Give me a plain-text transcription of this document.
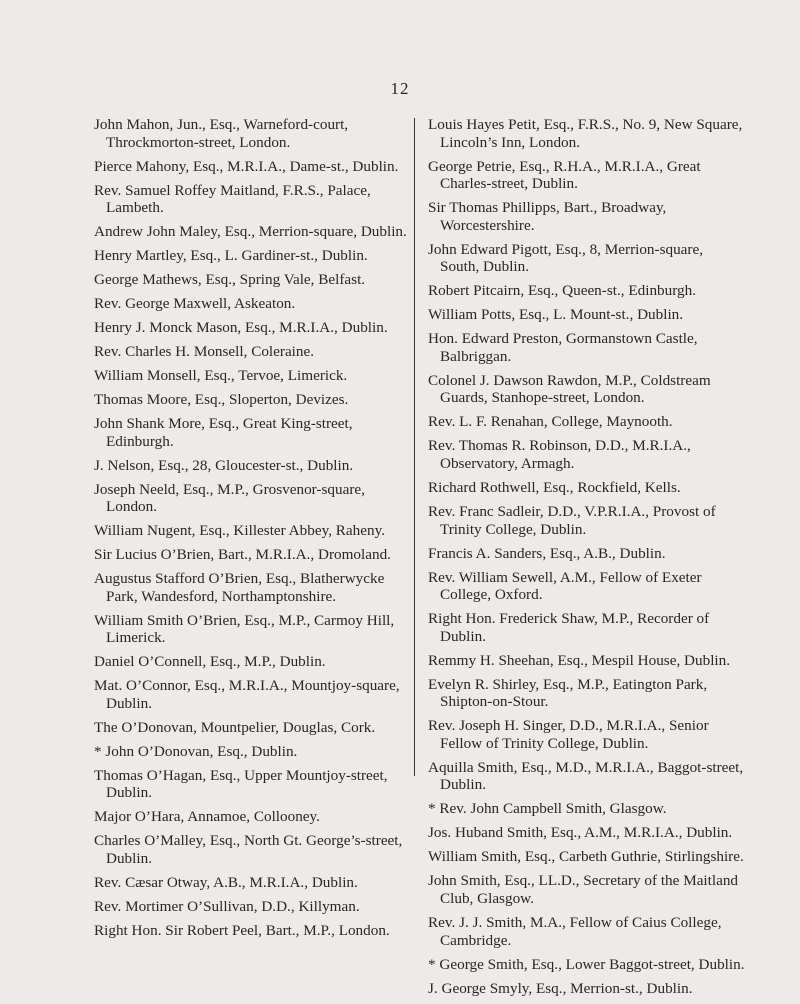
12

John Mahon, Jun., Esq., Warneford-court, Throckmorton-street, London.

Pierce Mahony, Esq., M.R.I.A., Dame-st., Dublin.

Rev. Samuel Roffey Maitland, F.R.S., Palace, Lambeth.

Andrew John Maley, Esq., Merrion-square, Dublin.

Henry Martley, Esq., L. Gardiner-st., Dublin.

George Mathews, Esq., Spring Vale, Belfast.

Rev. George Maxwell, Askeaton.

Henry J. Monck Mason, Esq., M.R.I.A., Dublin.

Rev. Charles H. Monsell, Coleraine.

William Monsell, Esq., Tervoe, Limerick.

Thomas Moore, Esq., Sloperton, Devizes.

John Shank More, Esq., Great King-street, Edinburgh.

J. Nelson, Esq., 28, Gloucester-st., Dublin.

Joseph Neeld, Esq., M.P., Grosvenor-square, London.

William Nugent, Esq., Killester Abbey, Raheny.

Sir Lucius O’Brien, Bart., M.R.I.A., Dromoland.

Augustus Stafford O’Brien, Esq., Blatherwycke Park, Wandesford, Northamptonshire.

William Smith O’Brien, Esq., M.P., Carmoy Hill, Limerick.

Daniel O’Connell, Esq., M.P., Dublin.

Mat. O’Connor, Esq., M.R.I.A., Mountjoy-square, Dublin.

The O’Donovan, Mountpelier, Douglas, Cork.

* John O’Donovan, Esq., Dublin.

Thomas O’Hagan, Esq., Upper Mountjoy-street, Dublin.

Major O’Hara, Annamoe, Collooney.

Charles O’Malley, Esq., North Gt. George’s-street, Dublin.

Rev. Cæsar Otway, A.B., M.R.I.A., Dublin.

Rev. Mortimer O’Sullivan, D.D., Killyman.

Right Hon. Sir Robert Peel, Bart., M.P., London.

Louis Hayes Petit, Esq., F.R.S., No. 9, New Square, Lincoln’s Inn, London.

George Petrie, Esq., R.H.A., M.R.I.A., Great Charles-street, Dublin.

Sir Thomas Phillipps, Bart., Broadway, Worcestershire.

John Edward Pigott, Esq., 8, Merrion-square, South, Dublin.

Robert Pitcairn, Esq., Queen-st., Edinburgh.

William Potts, Esq., L. Mount-st., Dublin.

Hon. Edward Preston, Gormanstown Castle, Balbriggan.

Colonel J. Dawson Rawdon, M.P., Coldstream Guards, Stanhope-street, London.

Rev. L. F. Renahan, College, Maynooth.

Rev. Thomas R. Robinson, D.D., M.R.I.A., Observatory, Armagh.

Richard Rothwell, Esq., Rockfield, Kells.

Rev. Franc Sadleir, D.D., V.P.R.I.A., Provost of Trinity College, Dublin.

Francis A. Sanders, Esq., A.B., Dublin.

Rev. William Sewell, A.M., Fellow of Exeter College, Oxford.

Right Hon. Frederick Shaw, M.P., Recorder of Dublin.

Remmy H. Sheehan, Esq., Mespil House, Dublin.

Evelyn R. Shirley, Esq., M.P., Eatington Park, Shipton-on-Stour.

Rev. Joseph H. Singer, D.D., M.R.I.A., Senior Fellow of Trinity College, Dublin.

Aquilla Smith, Esq., M.D., M.R.I.A., Baggot-street, Dublin.

* Rev. John Campbell Smith, Glasgow.

Jos. Huband Smith, Esq., A.M., M.R.I.A., Dublin.

William Smith, Esq., Carbeth Guthrie, Stirlingshire.

John Smith, Esq., LL.D., Secretary of the Maitland Club, Glasgow.

Rev. J. J. Smith, M.A., Fellow of Caius College, Cambridge.

* George Smith, Esq., Lower Baggot-street, Dublin.

J. George Smyly, Esq., Merrion-st., Dublin.
